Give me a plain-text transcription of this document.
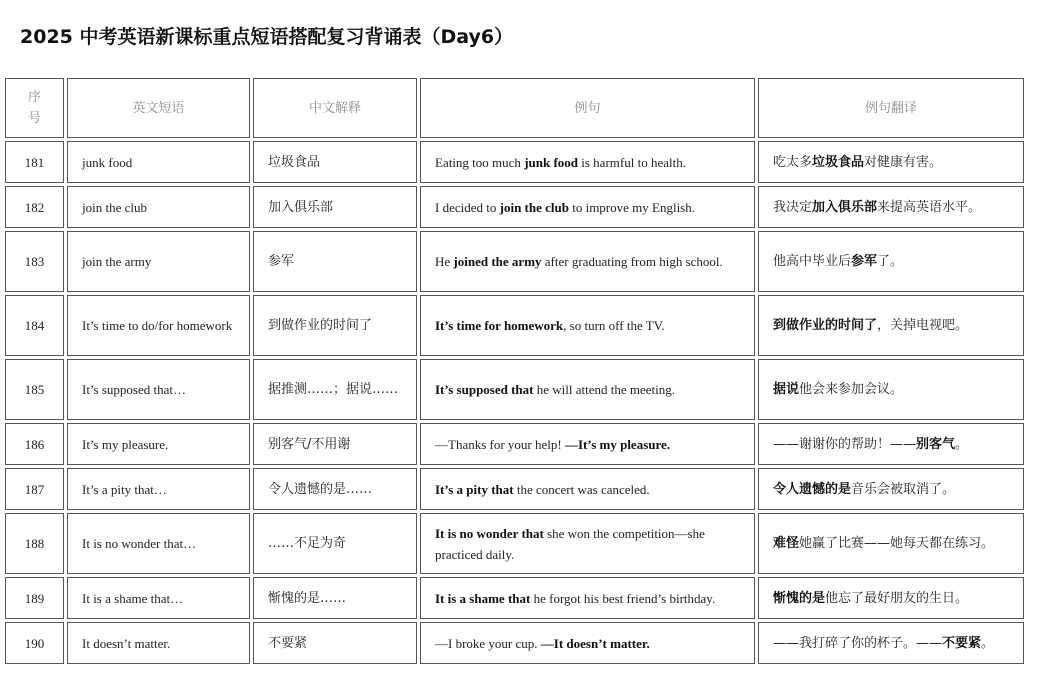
2025 中考英语新课标重点短语搭配复习背诵表（Day6）
序
号	英文短语	中文解释	例句	例句翻译
181	junk food	垃圾食品	Eating too much junk food is harmful to health.	吃太多垃圾食品对健康有害。
182	join the club	加入俱乐部	I decided to join the club to improve my English.	我决定加入俱乐部来提高英语水平。
183	join the army	参军	He joined the army after graduating from high school.	他高中毕业后参军了。
184	It’s time to do/for homework	到做作业的时间了	It’s time for homework, so turn off the TV.	到做作业的时间了，关掉电视吧。
185	It’s supposed that…	据推测……；据说……	It’s supposed that he will attend the meeting.	据说他会来参加会议。
186	It’s my pleasure.	别客气/不用谢	—Thanks for your help! —It’s my pleasure.	——谢谢你的帮助！——别客气。
187	It’s a pity that…	令人遗憾的是……	It’s a pity that the concert was canceled.	令人遗憾的是音乐会被取消了。
188	It is no wonder that…	……不足为奇	It is no wonder that she won the competition—she practiced daily.	难怪她赢了比赛——她每天都在练习。
189	It is a shame that…	惭愧的是……	It is a shame that he forgot his best friend’s birthday.	惭愧的是他忘了最好朋友的生日。
190	It doesn’t matter.	不要紧	—I broke your cup. —It doesn’t matter.	——我打碎了你的杯子。——不要紧。
